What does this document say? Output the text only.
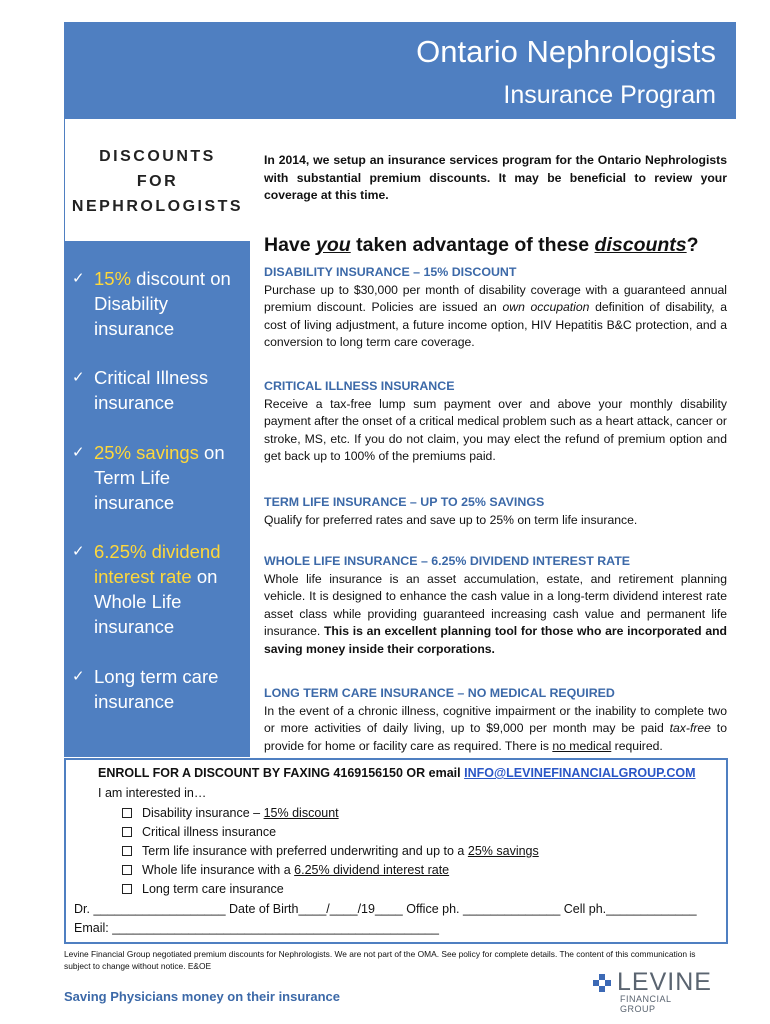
Ontario Nephrologists
Insurance Program
DISCOUNTS
FOR
NEPHROLOGISTS
✓ 15% discount on
Disability
insurance
✓ Critical Illness
insurance
✓ 25% savings on
Term Life
insurance
✓ 6.25% dividend
interest rate on
Whole Life
insurance
✓ Long term care
insurance
In 2014, we setup an insurance services program for the Ontario Nephrologists with substantial premium discounts. It may be beneficial to review your coverage at this time.
Have you taken advantage of these discounts?
DISABILITY INSURANCE – 15% DISCOUNT
Purchase up to $30,000 per month of disability coverage with a guaranteed annual premium discount. Policies are issued an own occupation definition of disability, a cost of living adjustment, a future income option, HIV Hepatitis B&C protection, and a conversion to long term care coverage.
CRITICAL ILLNESS INSURANCE
Receive a tax-free lump sum payment over and above your monthly disability payment after the onset of a critical medical problem such as a heart attack, cancer or stroke, MS, etc. If you do not claim, you may elect the refund of premium option and get back up to 100% of the premiums paid.
TERM LIFE INSURANCE – UP TO 25% SAVINGS
Qualify for preferred rates and save up to 25% on term life insurance.
WHOLE LIFE INSURANCE – 6.25% DIVIDEND INTEREST RATE
Whole life insurance is an asset accumulation, estate, and retirement planning vehicle. It is designed to enhance the cash value in a long-term dividend interest rate asset class while providing guaranteed increasing cash value and permanent life insurance. This is an excellent planning tool for those who are incorporated and saving money inside their corporations.
LONG TERM CARE INSURANCE – NO MEDICAL REQUIRED
In the event of a chronic illness, cognitive impairment or the inability to complete two or more activities of daily living, up to $9,000 per month may be paid tax-free to provide for home or facility care as required. There is no medical required.
ENROLL FOR A DISCOUNT BY FAXING 4169156150 OR email INFO@LEVINEFINANCIALGROUP.COM
I am interested in…
Disability insurance – 15% discount
Critical illness insurance
Term life insurance with preferred underwriting and up to a 25% savings
Whole life insurance with a 6.25% dividend interest rate
Long term care insurance
Dr. ___________________ Date of Birth____/____/19____ Office ph. ______________ Cell ph._____________
Email: _______________________________________________
Levine Financial Group negotiated premium discounts for Nephrologists. We are not part of the OMA. See policy for complete details. The content of this communication is subject to change without notice. E&OE
Saving Physicians money on their insurance
LEVINE
FINANCIAL GROUP
